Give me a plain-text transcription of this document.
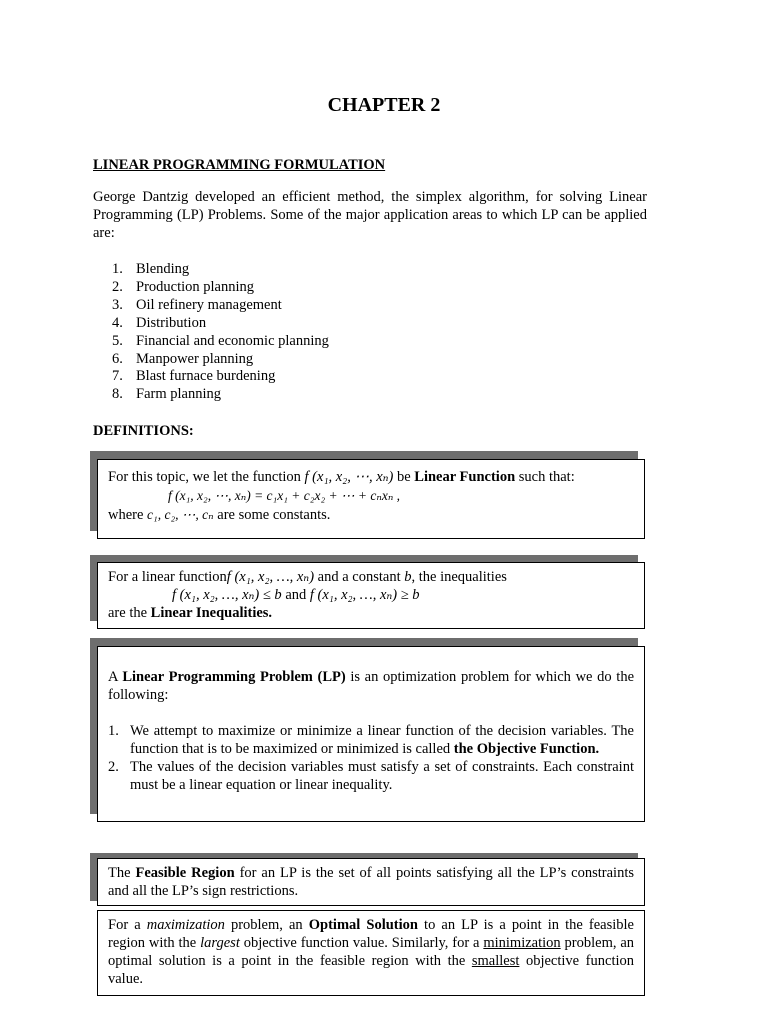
CHAPTER 2
LINEAR PROGRAMMING FORMULATION
George Dantzig developed an efficient method, the simplex algorithm, for solving Linear Programming (LP) Problems. Some of the major application areas to which LP can be applied are:
1. Blending
2. Production planning
3. Oil refinery management
4. Distribution
5. Financial and economic planning
6. Manpower planning
7. Blast furnace burdening
8. Farm planning
DEFINITIONS:
For this topic, we let the function f (x₁, x₂, ⋯, xₙ) be Linear Function such that:
f (x₁, x₂, ⋯, xₙ) = c₁x₁ + c₂x₂ + ⋯ + cₙxₙ ,
where c₁, c₂, ⋯, cₙ are some constants.
For a linear functionf (x₁, x₂, …, xₙ) and a constant b, the inequalities
f (x₁, x₂, …, xₙ) ≤ b and f (x₁, x₂, …, xₙ) ≥ b
are the Linear Inequalities.
A Linear Programming Problem (LP) is an optimization problem for which we do the following:
1. We attempt to maximize or minimize a linear function of the decision variables. The function that is to be maximized or minimized is called the Objective Function.
2. The values of the decision variables must satisfy a set of constraints. Each constraint must be a linear equation or linear inequality.
The Feasible Region for an LP is the set of all points satisfying all the LP’s constraints and all the LP’s sign restrictions.
For a maximization problem, an Optimal Solution to an LP is a point in the feasible region with the largest objective function value. Similarly, for a minimization problem, an optimal solution is a point in the feasible region with the smallest objective function value.
